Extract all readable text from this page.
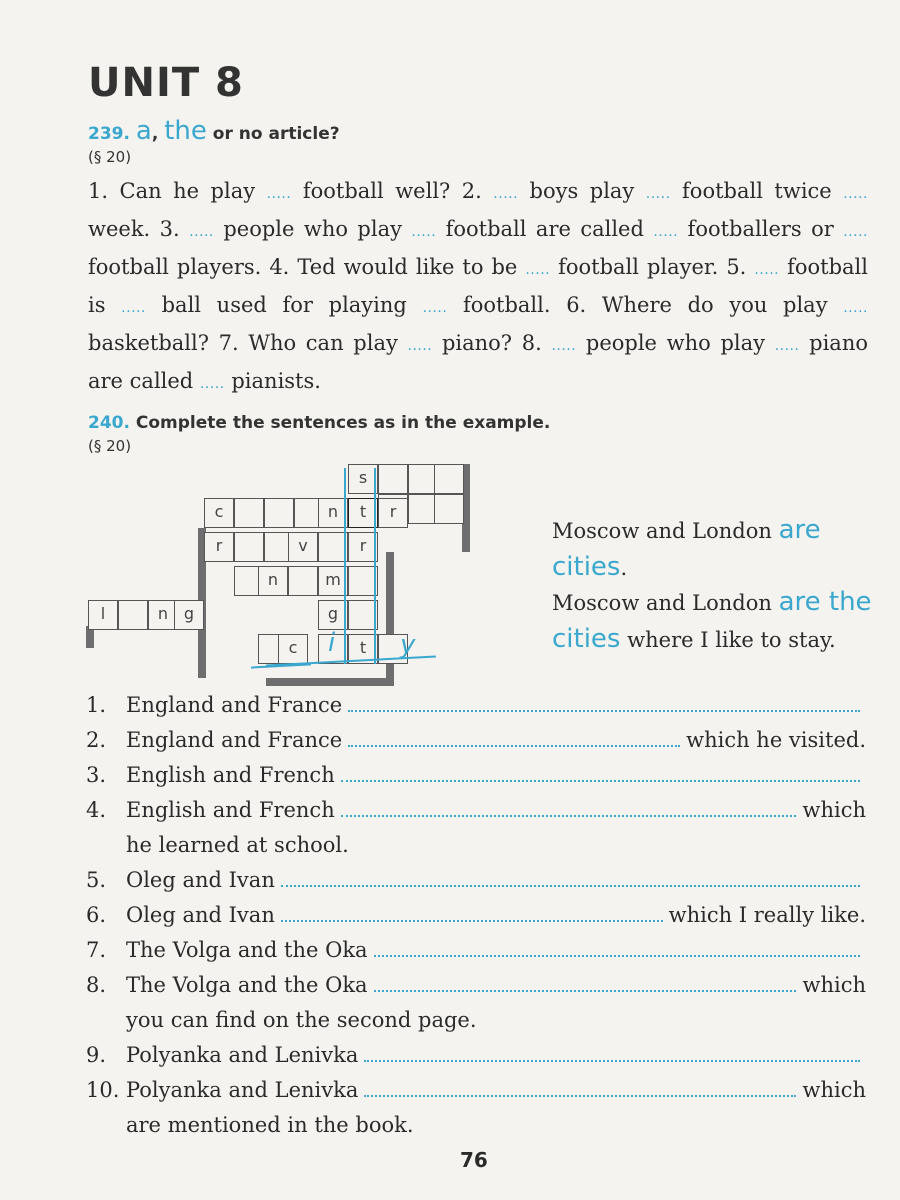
UNIT 8
239. a, the or no article?
(§ 20)
1. Can he play ..... football well? 2. ..... boys play ..... football twice ..... week. 3. ..... people who play ..... football are called ..... footballers or ..... football players. 4. Ted would like to be ..... football player. 5. ..... football is ..... ball used for playing ..... football. 6. Where do you play ..... basketball? 7. Who can play ..... piano? 8. ..... people who play ..... piano are called ..... pianists.
240. Complete the sentences as in the example.
(§ 20)
s
c	n	t	r
r	v	r
n	m
l	n g	g
c	t
i y
Moscow and London are cities.
Moscow and London are the cities where I like to stay.
1. England and France
2. England and France	which he visited.
3. English and French
4. English and French	which
he learned at school.
5. Oleg and Ivan
6. Oleg and Ivan	which I really like.
7. The Volga and the Oka
8. The Volga and the Oka	which
you can find on the second page.
9. Polyanka and Lenivka
10. Polyanka and Lenivka	which
are mentioned in the book.
76
